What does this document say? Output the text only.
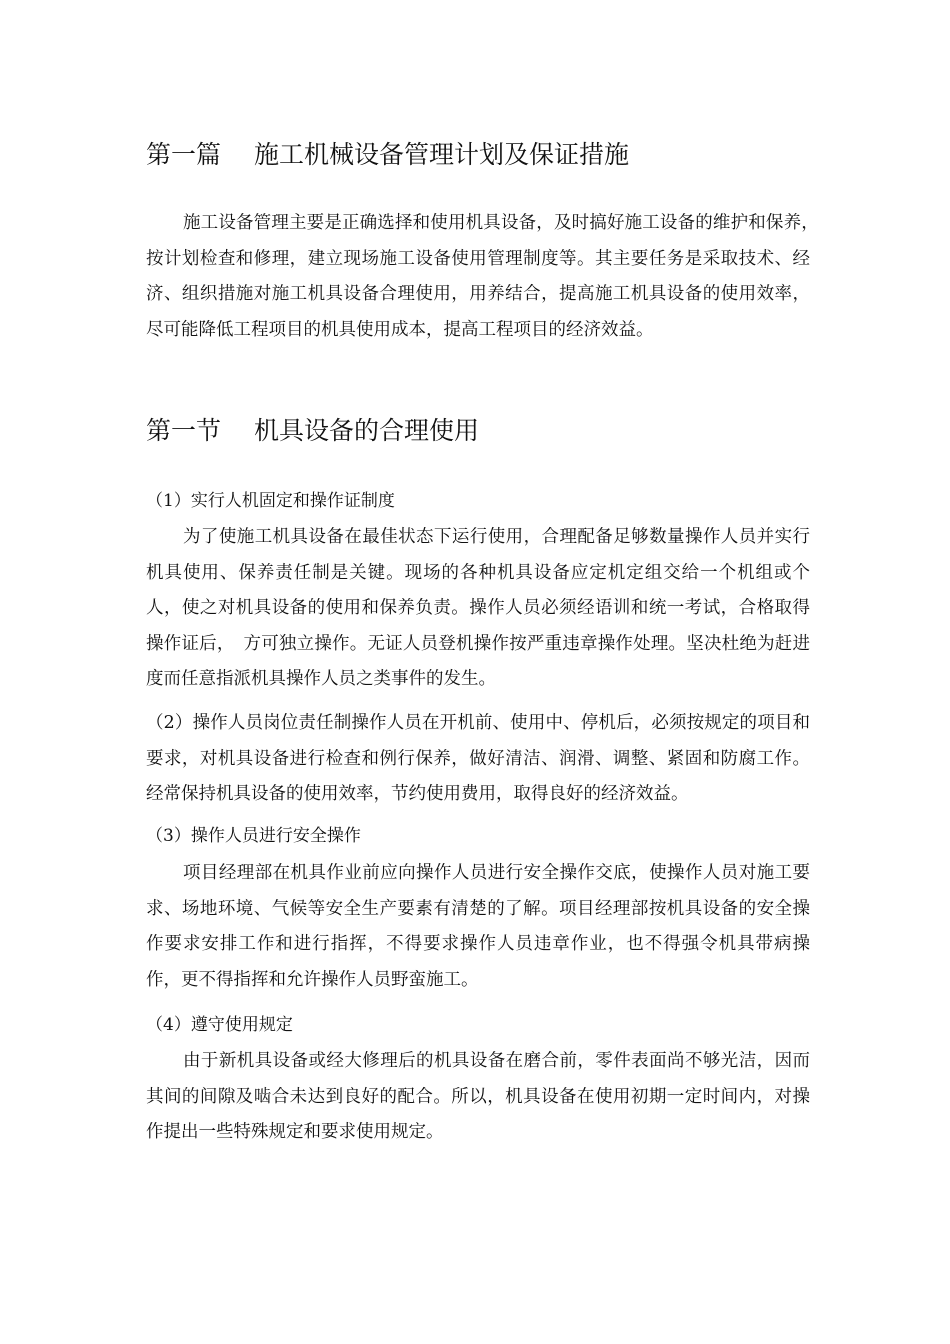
第一篇　 施工机械设备管理计划及保证措施

施工设备管理主要是正确选择和使用机具设备，及时搞好施工设备的维护和保养，　按计划检查和修理，建立现场施工设备使用管理制度等。其主要任务是采取技术、经济、组织措施对施工机具设备合理使用，用养结合，提高施工机具设备的使用效率，尽可能降低工程项目的机具使用成本，提高工程项目的经济效益。

第一节　 机具设备的合理使用

（1）实行人机固定和操作证制度

为了使施工机具设备在最佳状态下运行使用，合理配备足够数量操作人员并实行机具使用、保养责任制是关键。现场的各种机具设备应定机定组交给一个机组或个人，使之对机具设备的使用和保养负责。操作人员必须经语训和统一考试，合格取得操作证后，　方可独立操作。无证人员登机操作按严重违章操作处理。坚决杜绝为赶进度而任意指派机具操作人员之类事件的发生。

（2）操作人员岗位责任制操作人员在开机前、使用中、停机后，必须按规定的项目和要求，对机具设备进行检查和例行保养，做好清洁、润滑、调整、紧固和防腐工作。经常保持机具设备的使用效率，节约使用费用，取得良好的经济效益。

（3）操作人员进行安全操作

项目经理部在机具作业前应向操作人员进行安全操作交底，使操作人员对施工要求、场地环境、气候等安全生产要素有清楚的了解。项目经理部按机具设备的安全操作要求安排工作和进行指挥，不得要求操作人员违章作业，也不得强令机具带病操作，更不得指挥和允许操作人员野蛮施工。

（4）遵守使用规定

由于新机具设备或经大修理后的机具设备在磨合前，零件表面尚不够光洁，因而其间的间隙及啮合未达到良好的配合。所以，机具设备在使用初期一定时间内，对操作提出一些特殊规定和要求使用规定。
